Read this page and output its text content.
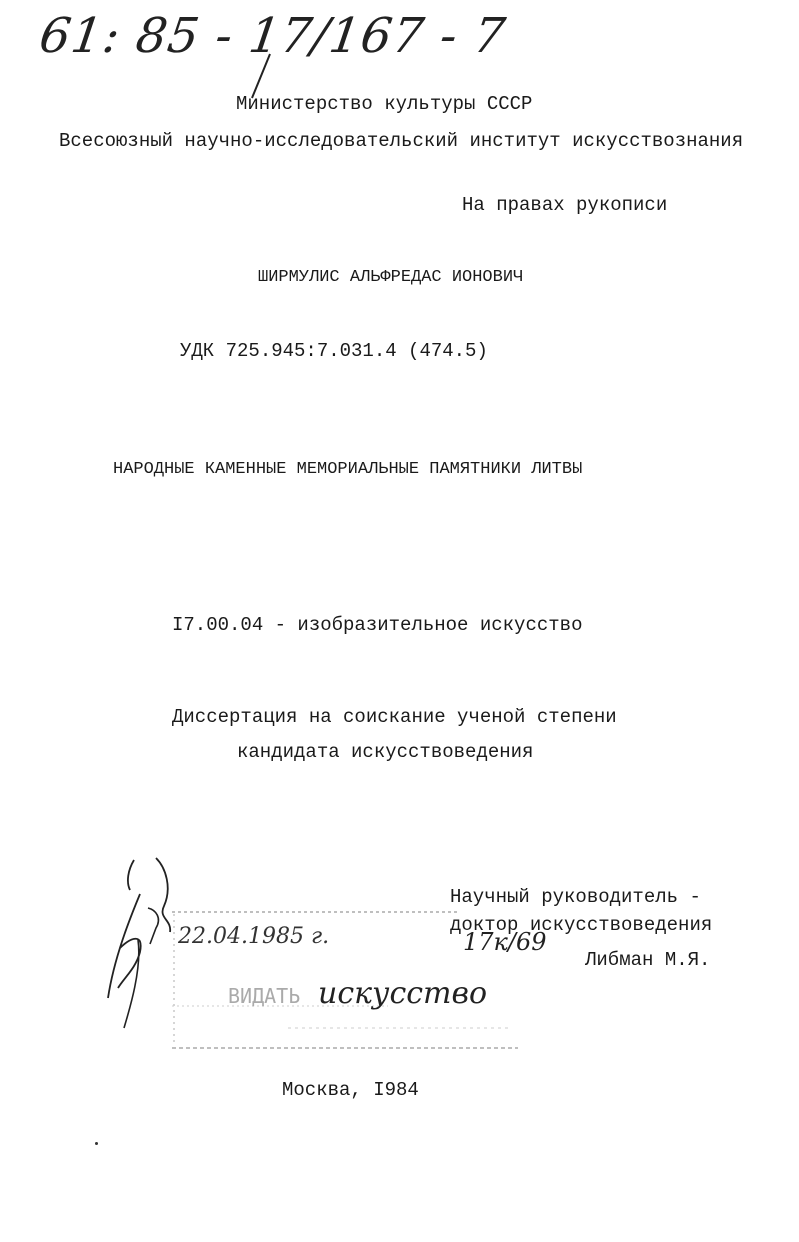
61: 85 - 17/167 - 7
Министерство культуры СССР
Всесоюзный научно-исследовательский институт искусствознания
На правах рукописи
ШИРМУЛИС АЛЬФРЕДАС ИОНОВИЧ
УДК 725.945:7.031.4 (474.5)
НАРОДНЫЕ КАМЕННЫЕ МЕМОРИАЛЬНЫЕ ПАМЯТНИКИ ЛИТВЫ
I7.00.04 - изобразительное искусство
Диссертация на соискание ученой степени
кандидата искусствоведения
Научный руководитель -
доктор искусствоведения
Либман М.Я.
22.04.1985 г.	17к/69
ВИДАТЬ искусство
Москва, I984
